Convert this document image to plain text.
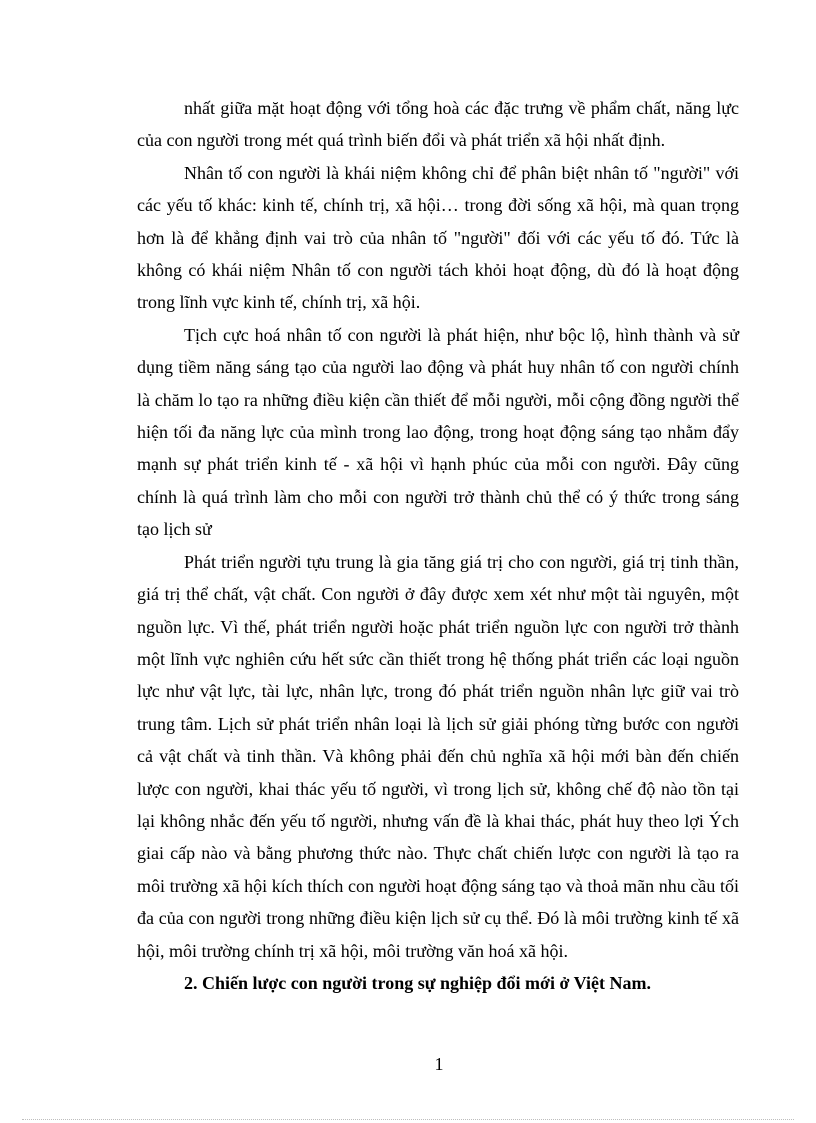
nhất giữa mặt hoạt động với tổng hoà các đặc trưng về phẩm chất, năng lực của con người trong mét quá trình biến đổi và phát triển xã hội nhất định.

Nhân tố con người là khái niệm không chỉ để phân biệt nhân tố "người" với các yếu tố khác: kinh tế, chính trị, xã hội… trong đời sống xã hội, mà quan trọng hơn là để khẳng định vai trò của nhân tố "người" đối với các yếu tố đó. Tức là không có khái niệm Nhân tố con người tách khỏi hoạt động, dù đó là hoạt động trong lĩnh vực kinh tế, chính trị, xã hội.

Tịch cực hoá nhân tố con người là phát hiện, như bộc lộ, hình thành và sử dụng tiềm năng sáng tạo của người lao động và phát huy nhân tố con người chính là chăm lo tạo ra những điều kiện cần thiết để mỗi người, mỗi cộng đồng người thể hiện tối đa năng lực của mình trong lao động, trong hoạt động sáng tạo nhằm đẩy mạnh sự phát triển kinh tế - xã hội vì hạnh phúc của mỗi con người. Đây cũng chính là quá trình làm cho mỗi con người trở thành chủ thể có ý thức trong sáng tạo lịch sử

Phát triển người tựu trung là gia tăng giá trị cho con người, giá trị tinh thần, giá trị thể chất, vật chất. Con người ở đây được xem xét như một tài nguyên, một nguồn lực. Vì thế, phát triển người hoặc phát triển nguồn lực con người trở thành một lĩnh vực nghiên cứu hết sức cần thiết trong hệ thống phát triển các loại nguồn lực như vật lực, tài lực, nhân lực, trong đó phát triển nguồn nhân lực giữ vai trò trung tâm. Lịch sử phát triển nhân loại là lịch sử giải phóng từng bước con người cả vật chất và tinh thần. Và không phải đến chủ nghĩa xã hội mới bàn đến chiến lược con người, khai thác yếu tố người, vì trong lịch sử, không chế độ nào tồn tại lại không nhắc đến yếu tố người, nhưng vấn đề là khai thác, phát huy theo lợi Ých giai cấp nào và bằng phương thức nào. Thực chất chiến lược con người là tạo ra môi trường xã hội kích thích con người hoạt động sáng tạo và thoả mãn nhu cầu tối đa của con người trong những điều kiện lịch sử cụ thể. Đó là môi trường kinh tế xã hội, môi trường chính trị xã hội, môi trường văn hoá xã hội.

2. Chiến lược con người trong sự nghiệp đổi mới ở Việt Nam.

1
